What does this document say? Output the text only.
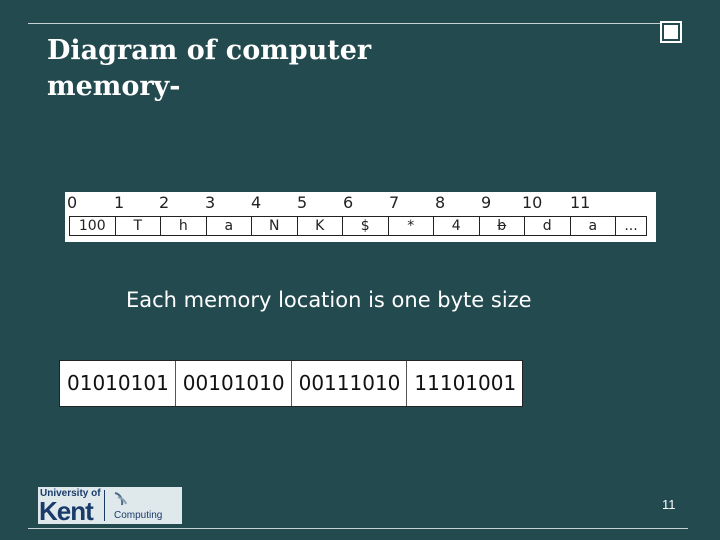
Diagram of computer
memory-
0 1 2 3 4 5 6 7 8 9 10 11
100	T	h	a	N	K	$	*	4	b	d	a	...
Each memory location is one byte size
01010101 00101010 00111010 11101001
University of
Kent Computing
11
